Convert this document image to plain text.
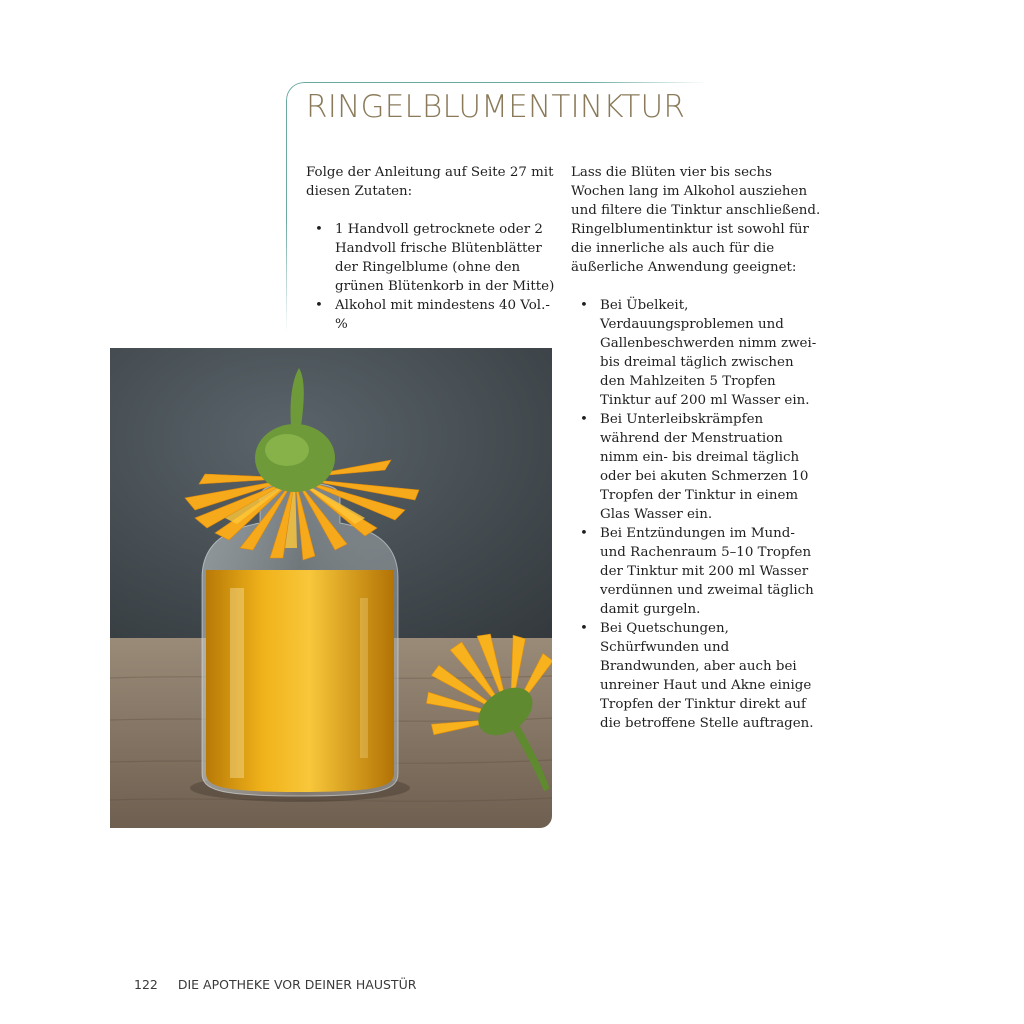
RINGELBLUMENTINKTUR

Folge der Anleitung auf Seite 27 mit diesen Zutaten:

• 1 Handvoll getrocknete oder 2 Handvoll frische Blütenblätter der Ringelblume (ohne den grünen Blütenkorb in der Mitte)
• Alkohol mit mindestens 40 Vol.-%

Lass die Blüten vier bis sechs Wochen lang im Alkohol ausziehen und filtere die Tinktur anschließend. Ringelblumentinktur ist sowohl für die innerliche als auch für die äußerliche Anwendung geeignet:

• Bei Übelkeit, Verdauungsproblemen und Gallenbeschwerden nimm zwei- bis dreimal täglich zwischen den Mahlzeiten 5 Tropfen Tinktur auf 200 ml Wasser ein.
• Bei Unterleibskrämpfen während der Menstruation nimm ein- bis dreimal täglich oder bei akuten Schmerzen 10 Tropfen der Tinktur in einem Glas Wasser ein.
• Bei Entzündungen im Mund- und Rachenraum 5–10 Tropfen der Tinktur mit 200 ml Wasser verdünnen und zweimal täglich damit gurgeln.
• Bei Quetschungen, Schürfwunden und Brandwunden, aber auch bei unreiner Haut und Akne einige Tropfen der Tinktur direkt auf die betroffene Stelle auftragen.
122 DIE APOTHEKE VOR DEINER HAUSTÜR
